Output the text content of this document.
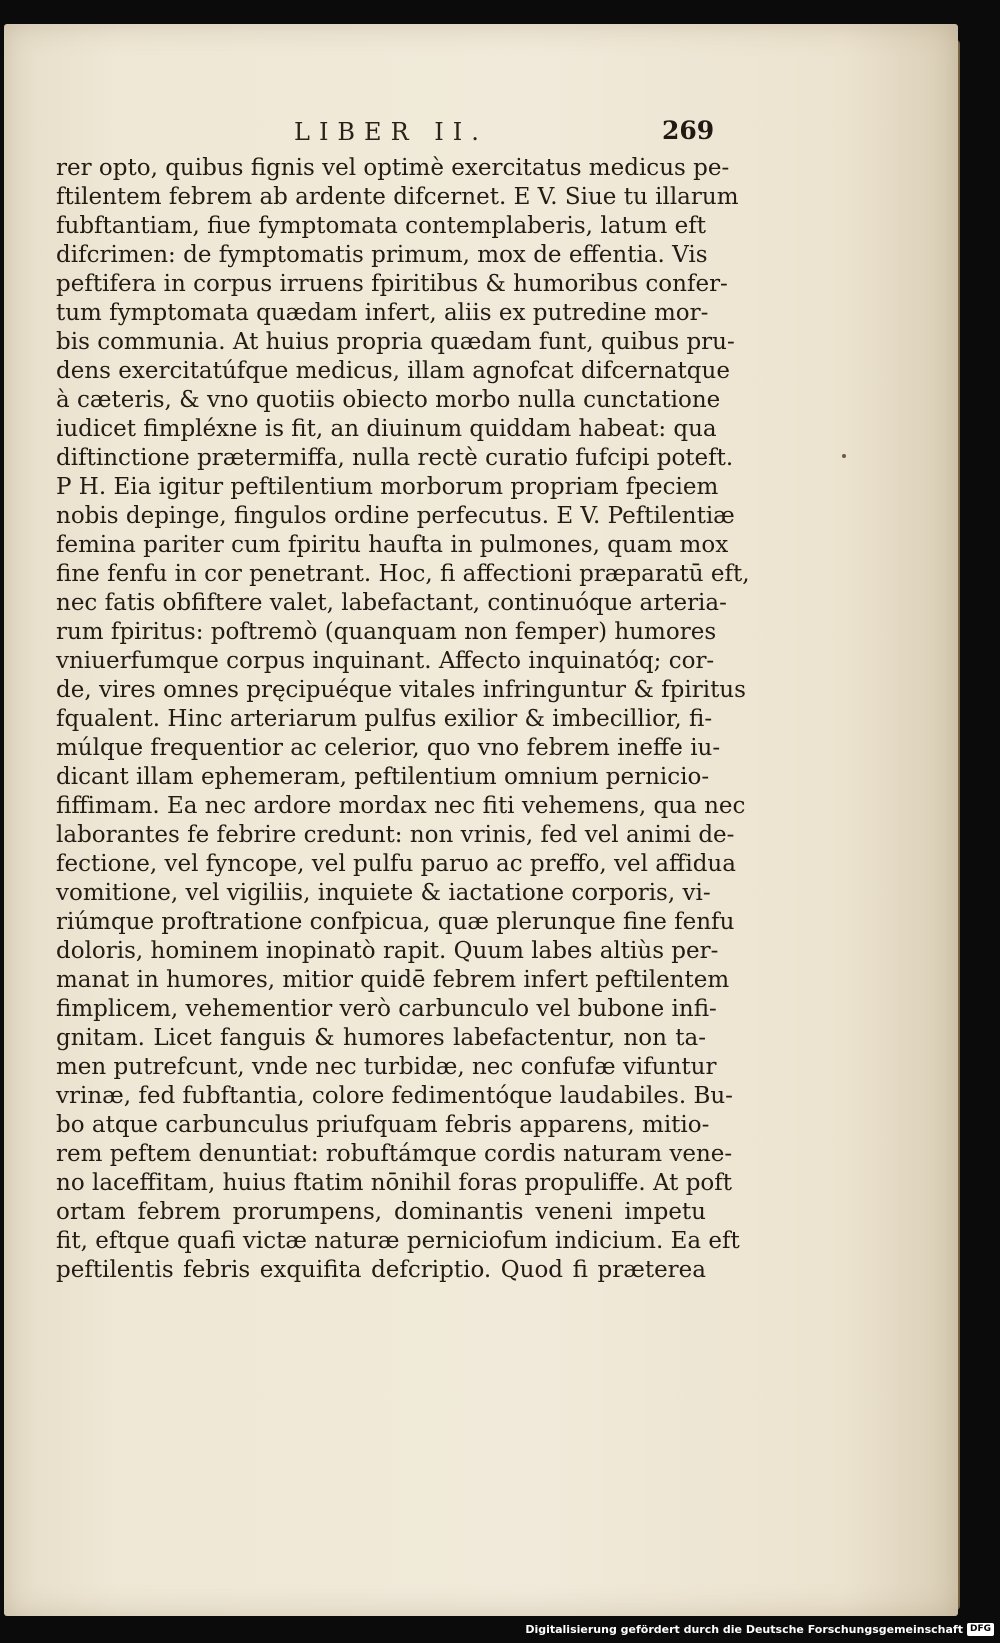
LIBER II.	269
rer opto, quibus fignis vel optimè exercitatus medicus pe-
ftilentem febrem ab ardente difcernet. E V. Siue tu illarum
fubftantiam, fiue fymptomata contemplaberis, latum eft
difcrimen: de fymptomatis primum, mox de effentia. Vis
peftifera in corpus irruens fpiritibus & humoribus confer-
tum fymptomata quædam infert, aliis ex putredine mor-
bis communia. At huius propria quædam funt, quibus pru-
dens exercitatúfque medicus, illam agnofcat difcernatque
à cæteris, & vno quotiis obiecto morbo nulla cunctatione
iudicet fimpléxne is fit, an diuinum quiddam habeat: qua
diftinctione prætermiffa, nulla rectè curatio fufcipi poteft.
P H. Eia igitur peftilentium morborum propriam fpeciem
nobis depinge, fingulos ordine perfecutus. E V. Peftilentiæ
femina pariter cum fpiritu haufta in pulmones, quam mox
fine fenfu in cor penetrant. Hoc, fi affectioni præparatū eft,
nec fatis obfiftere valet, labefactant, continuóque arteria-
rum fpiritus: poftremò (quanquam non femper) humores
vniuerfumque corpus inquinant. Affecto inquinatóq; cor-
de, vires omnes pręcipuéque vitales infringuntur & fpiritus
fqualent. Hinc arteriarum pulfus exilior & imbecillior, fi-
múlque frequentior ac celerior, quo vno febrem ineffe iu-
dicant illam ephemeram, peftilentium omnium pernicio-
fiffimam. Ea nec ardore mordax nec fiti vehemens, qua nec
laborantes fe febrire credunt: non vrinis, fed vel animi de-
fectione, vel fyncope, vel pulfu paruo ac preffo, vel affidua
vomitione, vel vigiliis, inquiete & iactatione corporis, vi-
riúmque proftratione confpicua, quæ plerunque fine fenfu
doloris, hominem inopinatò rapit. Quum labes altiùs per-
manat in humores, mitior quidē febrem infert peftilentem
fimplicem, vehementior verò carbunculo vel bubone infi-
gnitam. Licet fanguis & humores labefactentur, non ta-
men putrefcunt, vnde nec turbidæ, nec confufæ vifuntur
vrinæ, fed fubftantia, colore fedimentóque laudabiles. Bu-
bo atque carbunculus priufquam febris apparens, mitio-
rem peftem denuntiat: robuftámque cordis naturam vene-
no laceffitam, huius ftatim nōnihil foras propuliffe. At poft
ortam febrem prorumpens, dominantis veneni impetu
fit, eftque quafi victæ naturæ perniciofum indicium. Ea eft
peftilentis febris exquifita defcriptio. Quod fi præterea
Digitalisierung gefördert durch die Deutsche Forschungsgemeinschaft DFG
